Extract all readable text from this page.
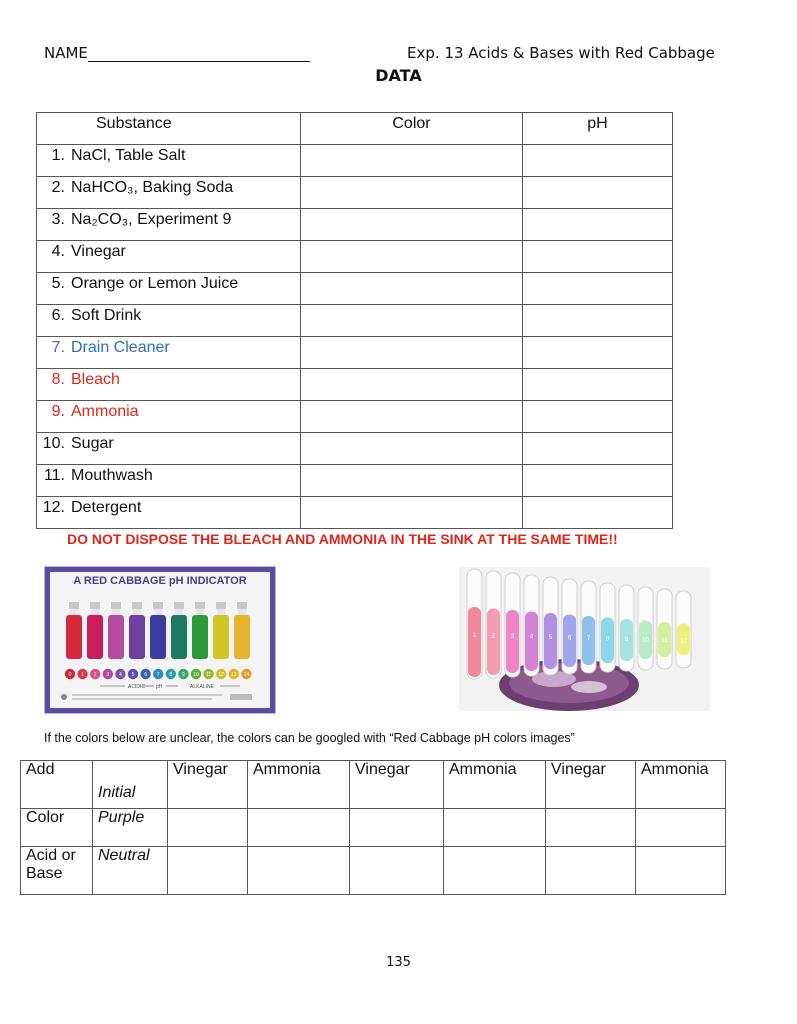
NAME	Exp. 13 Acids & Bases with Red Cabbage
DATA
Substance	Color	pH

1. NaCl, Table Salt		

2. NaHCO₃, Baking Soda		

3. Na₂CO₃, Experiment 9		

4. Vinegar		

5. Orange or Lemon Juice		

6. Soft Drink		

7. Drain Cleaner		

8. Bleach		

9. Ammonia		

10. Sugar		

11. Mouthwash		

12. Detergent		

DO NOT DISPOSE THE BLEACH AND AMMONIA IN THE SINK AT THE SAME TIME!!
A RED CABBAGE pH INDICATOR
0 1 2 3 4 5 6 7 8 9 10 11 12 13 14
ACIDIC pH	ALKALINE
1	2	3	4	5	6	7	8	9 10 11 12
If the colors below are unclear, the colors can be googled with “Red Cabbage pH colors images”
Add	Initial	Vinegar	Ammonia	Vinegar	Ammonia	Vinegar	Ammonia
Color	Purple						

Acid or
Base	Neutral						
135
